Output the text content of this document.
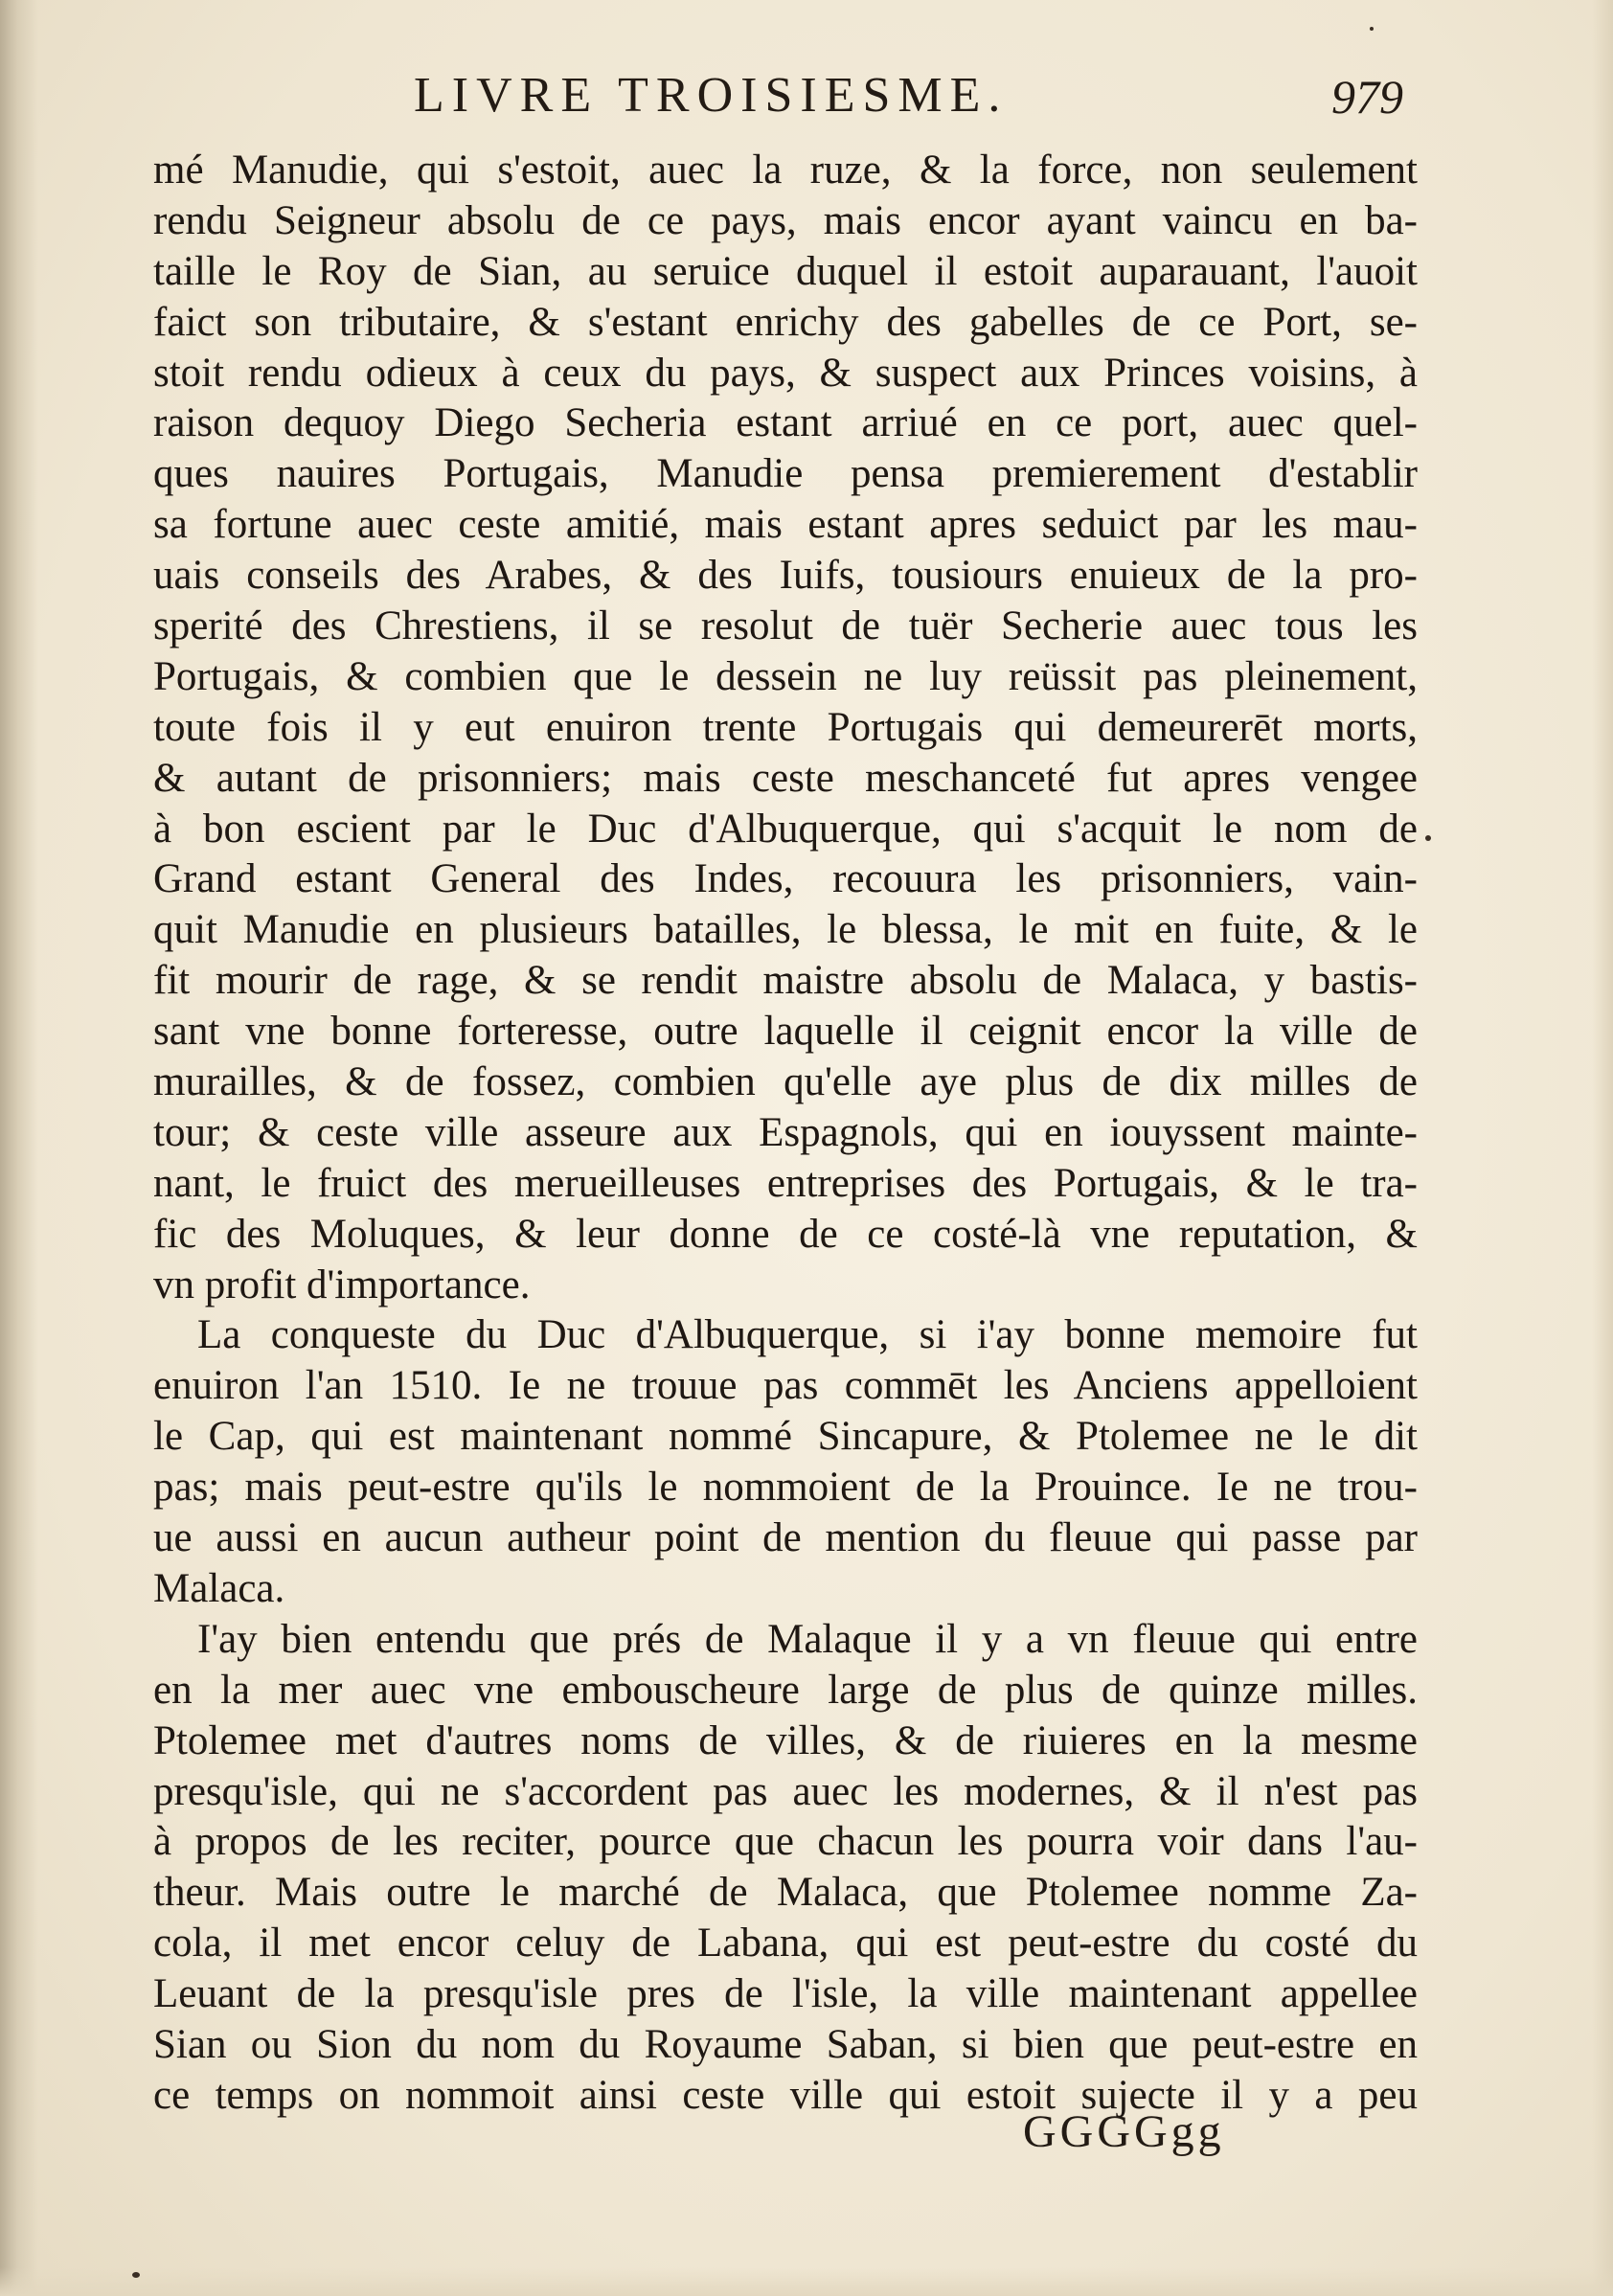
LIVRE TROISIESME.	979
mé Manudie, qui s'estoit, auec la ruze, & la force, non seulement
rendu Seigneur absolu de ce pays, mais encor ayant vaincu en ba-
taille le Roy de Sian, au seruice duquel il estoit auparauant, l'auoit
faict son tributaire, & s'estant enrichy des gabelles de ce Port, se-
stoit rendu odieux à ceux du pays, & suspect aux Princes voisins, à
raison dequoy Diego Secheria estant arriué en ce port, auec quel-
ques nauires Portugais, Manudie pensa premierement d'establir
sa fortune auec ceste amitié, mais estant apres seduict par les mau-
uais conseils des Arabes, & des Iuifs, tousiours enuieux de la pro-
sperité des Chrestiens, il se resolut de tuër Secherie auec tous les
Portugais, & combien que le dessein ne luy reüssit pas pleinement,
toute fois il y eut enuiron trente Portugais qui demeurerēt morts,
& autant de prisonniers; mais ceste meschanceté fut apres vengee
à bon escient par le Duc d'Albuquerque, qui s'acquit le nom de
Grand estant General des Indes, recouura les prisonniers, vain-
quit Manudie en plusieurs batailles, le blessa, le mit en fuite, & le
fit mourir de rage, & se rendit maistre absolu de Malaca, y bastis-
sant vne bonne forteresse, outre laquelle il ceignit encor la ville de
murailles, & de fossez, combien qu'elle aye plus de dix milles de
tour; & ceste ville asseure aux Espagnols, qui en iouyssent mainte-
nant, le fruict des merueilleuses entreprises des Portugais, & le tra-
fic des Moluques, & leur donne de ce costé-là vne reputation, &
vn profit d'importance.
La conqueste du Duc d'Albuquerque, si i'ay bonne memoire fut
enuiron l'an 1510. Ie ne trouue pas commēt les Anciens appelloient
le Cap, qui est maintenant nommé Sincapure, & Ptolemee ne le dit
pas; mais peut-estre qu'ils le nommoient de la Prouince. Ie ne trou-
ue aussi en aucun autheur point de mention du fleuue qui passe par
Malaca.
I'ay bien entendu que prés de Malaque il y a vn fleuue qui entre
en la mer auec vne embouscheure large de plus de quinze milles.
Ptolemee met d'autres noms de villes, & de riuieres en la mesme
presqu'isle, qui ne s'accordent pas auec les modernes, & il n'est pas
à propos de les reciter, pource que chacun les pourra voir dans l'au-
theur. Mais outre le marché de Malaca, que Ptolemee nomme Za-
cola, il met encor celuy de Labana, qui est peut-estre du costé du
Leuant de la presqu'isle pres de l'isle, la ville maintenant appellee
Sian ou Sion du nom du Royaume Saban, si bien que peut-estre en
ce temps on nommoit ainsi ceste ville qui estoit sujecte il y a peu
GGGGgg
